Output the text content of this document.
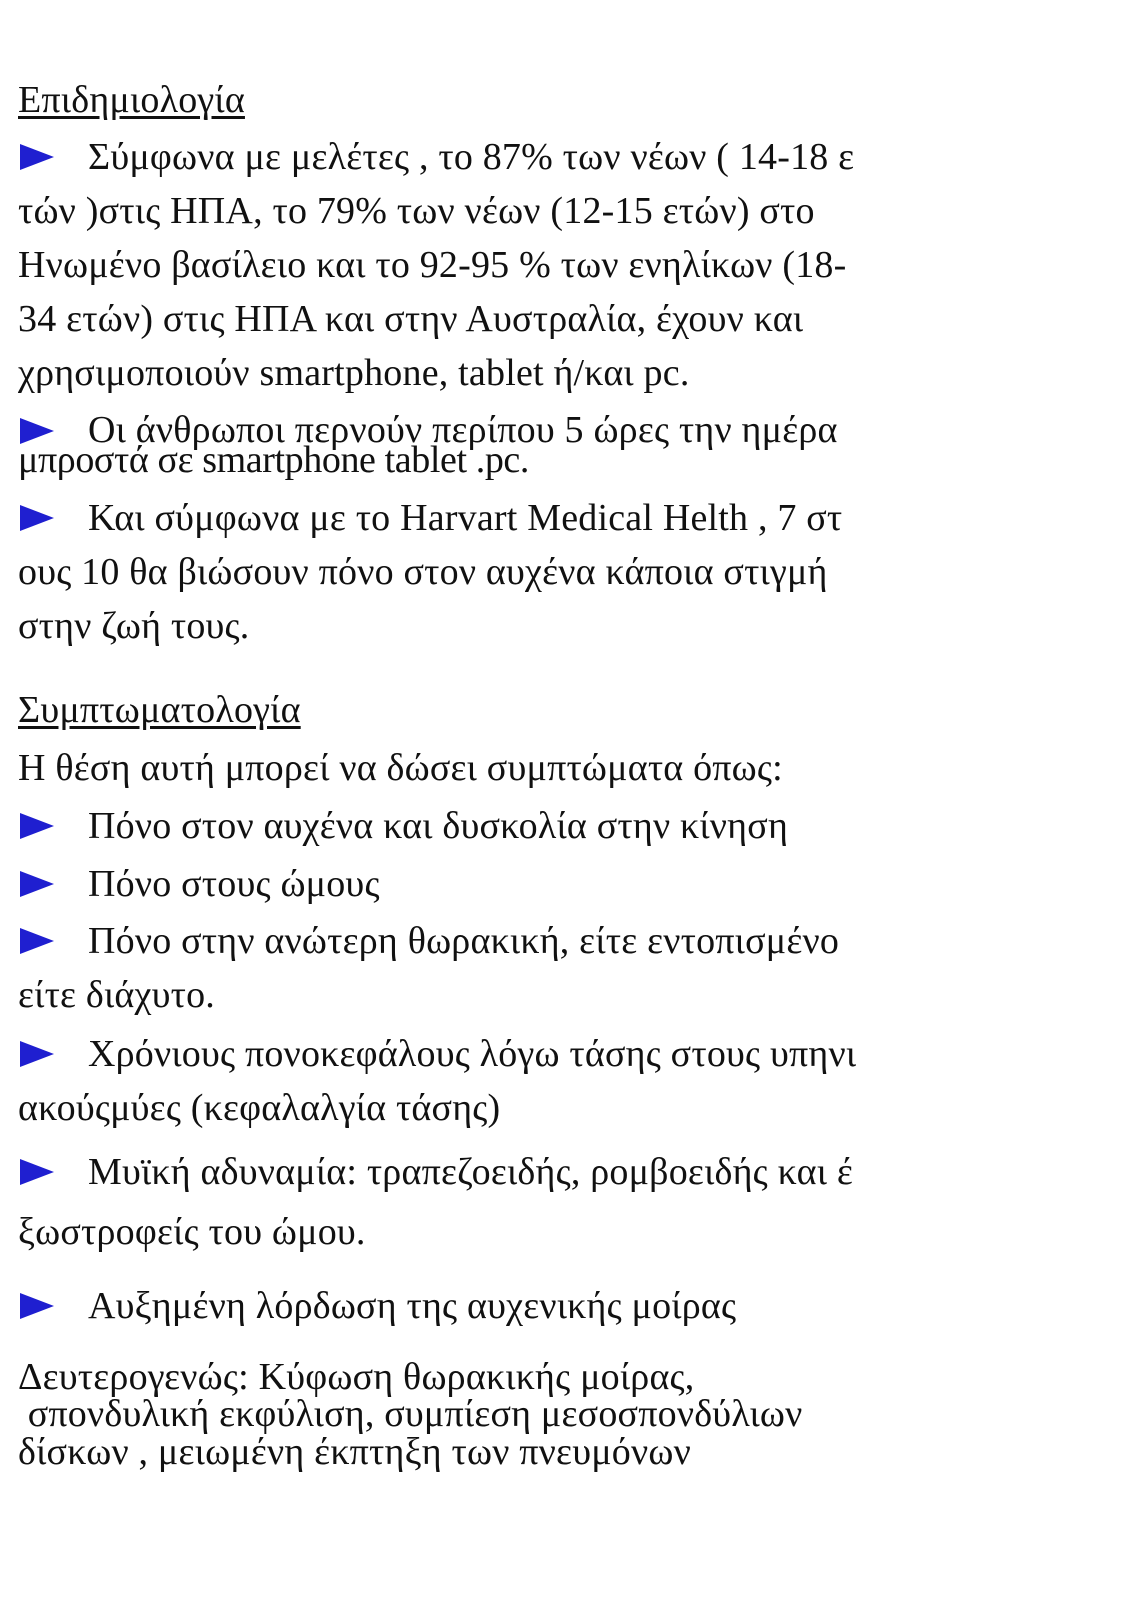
Επιδημιολογία
Σύμφωνα με μελέτες , το 87% των νέων ( 14-18 ε
τών )στις ΗΠΑ, το 79% των νέων (12-15 ετών) στο
Ηνωμένο βασίλειο και το 92-95 % των ενηλίκων (18-
34 ετών) στις ΗΠΑ και στην Αυστραλία, έχουν και
χρησιμοποιούν smartphone, tablet ή/και pc.
Οι άνθρωποι περνούν περίπου 5 ώρες την ημέρα
μπροστά σε smartphone tablet .pc.
Και σύμφωνα με το Harvart Medical Helth , 7 στ
ους 10 θα βιώσουν πόνο στον αυχένα κάποια στιγμή
στην ζωή τους.
Συμπτωματολογία
Η θέση αυτή μπορεί να δώσει συμπτώματα όπως:
Πόνο στον αυχένα και δυσκολία στην κίνηση
Πόνο στους ώμους
Πόνο στην ανώτερη θωρακική, είτε εντοπισμένο
είτε διάχυτο.
Χρόνιους πονοκεφάλους λόγω τάσης στους υπηνι
ακούςμύες (κεφαλαλγία τάσης)
Μυϊκή αδυναμία: τραπεζοειδής, ρομβοειδής και έ
ξωστροφείς του ώμου.
Αυξημένη λόρδωση της αυχενικής μοίρας
Δευτερογενώς: Κύφωση θωρακικής μοίρας,
σπονδυλική εκφύλιση, συμπίεση μεσοσπονδύλιων
δίσκων , μειωμένη έκπτηξη των πνευμόνων
